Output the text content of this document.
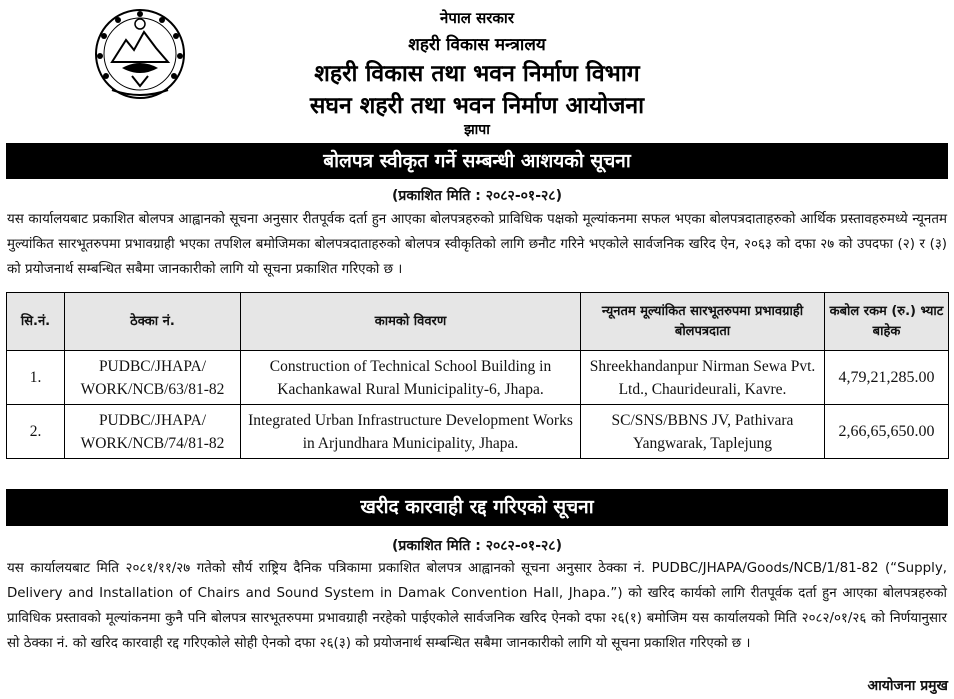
नेपाल सरकार
शहरी विकास मन्त्रालय
शहरी विकास तथा भवन निर्माण विभाग
सघन शहरी तथा भवन निर्माण आयोजना
झापा
बोलपत्र स्वीकृत गर्ने सम्बन्धी आशयको सूचना
(प्रकाशित मिति : २०८२-०१-२८)
यस कार्यालयबाट प्रकाशित बोलपत्र आह्वानको सूचना अनुसार रीतपूर्वक दर्ता हुन आएका बोलपत्रहरुको प्राविधिक पक्षको मूल्यांकनमा सफल भएका बोलपत्रदाताहरुको आर्थिक प्रस्तावहरुमध्ये न्यूनतम मुल्यांकित सारभूतरुपमा प्रभावग्राही भएका तपशिल बमोजिमका बोलपत्रदाताहरुको बोलपत्र स्वीकृतिको लागि छनौट गरिने भएकोले सार्वजनिक खरिद ऐन, २०६३ को दफा २७ को उपदफा (२) र (३) को प्रयोजनार्थ सम्बन्धित सबैमा जानकारीको लागि यो सूचना प्रकाशित गरिएको छ ।
सि.नं.	ठेक्का नं.	कामको विवरण	न्यूनतम मूल्यांकित सारभूतरुपमा प्रभावग्राही बोलपत्रदाता	कबोल रकम (रु.) भ्याट बाहेक
1.	PUDBC/JHAPA/ WORK/NCB/63/81-82	Construction of Technical School Building in Kachankawal Rural Municipality-6, Jhapa.	Shreekhandanpur Nirman Sewa Pvt. Ltd., Chaurideurali, Kavre.	4,79,21,285.00
2.	PUDBC/JHAPA/ WORK/NCB/74/81-82	Integrated Urban Infrastructure Development Works in Arjundhara Municipality, Jhapa.	SC/SNS/BBNS JV, Pathivara Yangwarak, Taplejung	2,66,65,650.00
खरीद कारवाही रद्द गरिएको सूचना
(प्रकाशित मिति : २०८२-०१-२८)
यस कार्यालयबाट मिति २०८१/११/२७ गतेको सौर्य राष्ट्रिय दैनिक पत्रिकामा प्रकाशित बोलपत्र आह्वानको सूचना अनुसार ठेक्का नं. PUDBC/JHAPA/Goods/NCB/1/81-82 (“Supply, Delivery and Installation of Chairs and Sound System in Damak Convention Hall, Jhapa.”) को खरिद कार्यको लागि रीतपूर्वक दर्ता हुन आएका बोलपत्रहरुको प्राविधिक प्रस्तावको मूल्यांकनमा कुनै पनि बोलपत्र सारभूतरुपमा प्रभावग्राही नरहेको पाईएकोले सार्वजनिक खरिद ऐनको दफा २६(१) बमोजिम यस कार्यालयको मिति २०८२/०१/२६ को निर्णयानुसार सो ठेक्का नं. को खरिद कारवाही रद्द गरिएकोले सोही ऐनको दफा २६(३) को प्रयोजनार्थ सम्बन्धित सबैमा जानकारीको लागि यो सूचना प्रकाशित गरिएको छ ।
आयोजना प्रमुख
